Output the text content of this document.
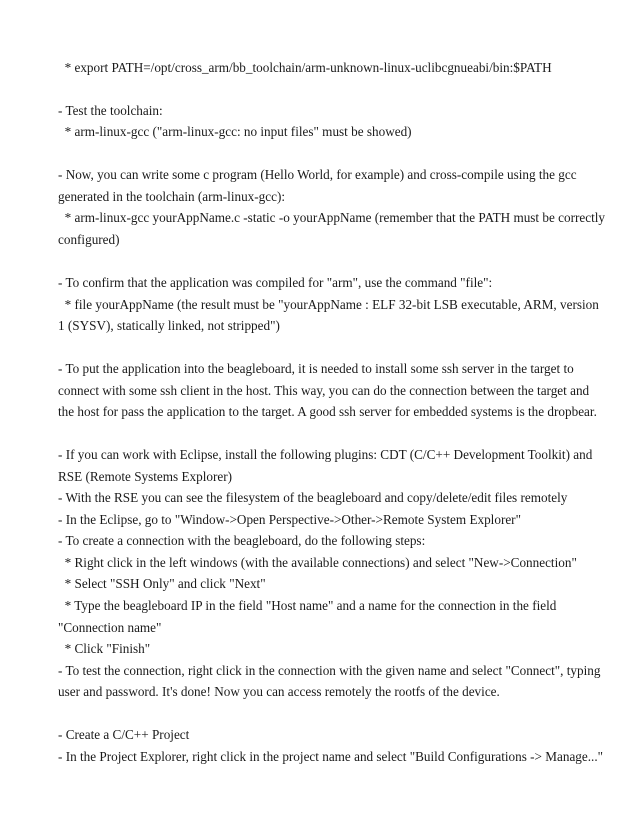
* export PATH=/opt/cross_arm/bb_toolchain/arm-unknown-linux-uclibcgnueabi/bin:$PATH
- Test the toolchain:
* arm-linux-gcc ("arm-linux-gcc: no input files" must be showed)
- Now, you can write some c program (Hello World, for example) and cross-compile using the gcc
generated in the toolchain (arm-linux-gcc):
* arm-linux-gcc yourAppName.c -static -o yourAppName (remember that the PATH must be correctly
configured)
- To confirm that the application was compiled for "arm", use the command "file":
* file yourAppName (the result must be "yourAppName : ELF 32-bit LSB executable, ARM, version
1 (SYSV), statically linked, not stripped")
- To put the application into the beagleboard, it is needed to install some ssh server in the target to
connect with some ssh client in the host. This way, you can do the connection between the target and
the host for pass the application to the target. A good ssh server for embedded systems is the dropbear.
- If you can work with Eclipse, install the following plugins: CDT (C/C++ Development Toolkit) and
RSE (Remote Systems Explorer)
- With the RSE you can see the filesystem of the beagleboard and copy/delete/edit files remotely
- In the Eclipse, go to "Window->Open Perspective->Other->Remote System Explorer"
- To create a connection with the beagleboard, do the following steps:
* Right click in the left windows (with the available connections) and select "New->Connection"
* Select "SSH Only" and click "Next"
* Type the beagleboard IP in the field "Host name" and a name for the connection in the field
"Connection name"
* Click "Finish"
- To test the connection, right click in the connection with the given name and select "Connect", typing
user and password. It's done! Now you can access remotely the rootfs of the device.
- Create a C/C++ Project
- In the Project Explorer, right click in the project name and select "Build Configurations -> Manage..."
